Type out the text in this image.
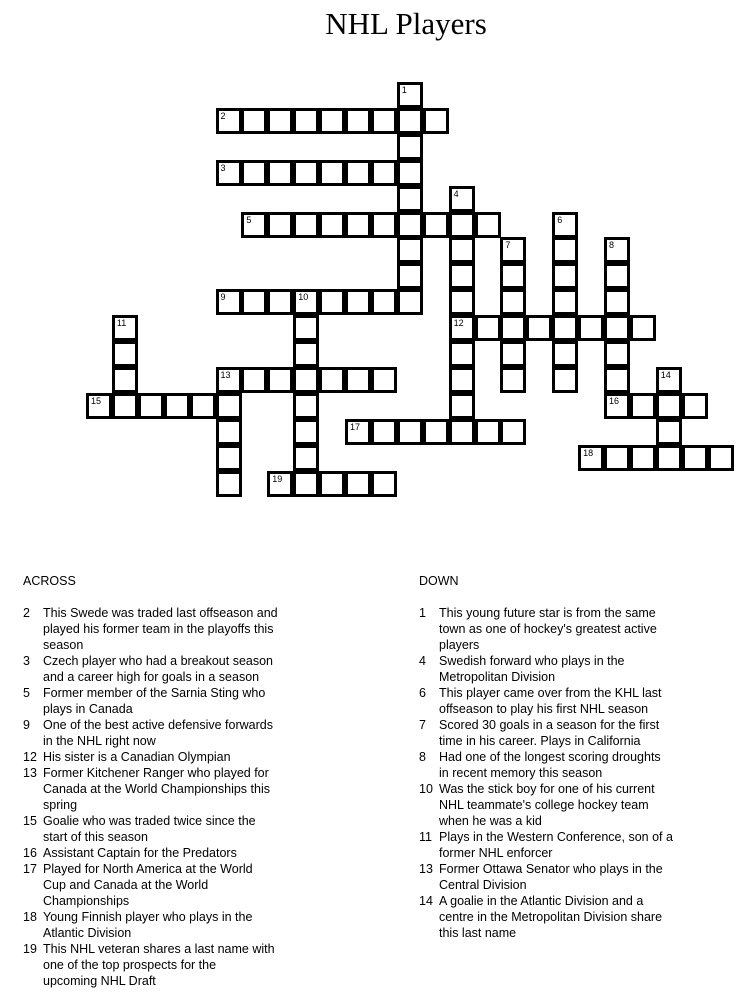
NHL Players
1
2
3
4
12
5	6
7	8
16
9	10
11
13	14
15
17
18
19
ACROSS	DOWN
2 This Swede was traded last offseason and
played his former team in the playoffs this
season
3 Czech player who had a breakout season
and a career high for goals in a season
5 Former member of the Sarnia Sting who
plays in Canada
9 One of the best active defensive forwards
in the NHL right now
12 His sister is a Canadian Olympian
13 Former Kitchener Ranger who played for
Canada at the World Championships this
spring
15 Goalie who was traded twice since the
start of this season
16 Assistant Captain for the Predators
17 Played for North America at the World
Cup and Canada at the World
Championships
18 Young Finnish player who plays in the
Atlantic Division
19 This NHL veteran shares a last name with
one of the top prospects for the
upcoming NHL Draft
1 This young future star is from the same
town as one of hockey's greatest active
players
4 Swedish forward who plays in the
Metropolitan Division
6 This player came over from the KHL last
offseason to play his first NHL season
7 Scored 30 goals in a season for the first
time in his career. Plays in California
8 Had one of the longest scoring droughts
in recent memory this season
10 Was the stick boy for one of his current
NHL teammate's college hockey team
when he was a kid
11 Plays in the Western Conference, son of a
former NHL enforcer
13 Former Ottawa Senator who plays in the
Central Division
14 A goalie in the Atlantic Division and a
centre in the Metropolitan Division share
this last name
